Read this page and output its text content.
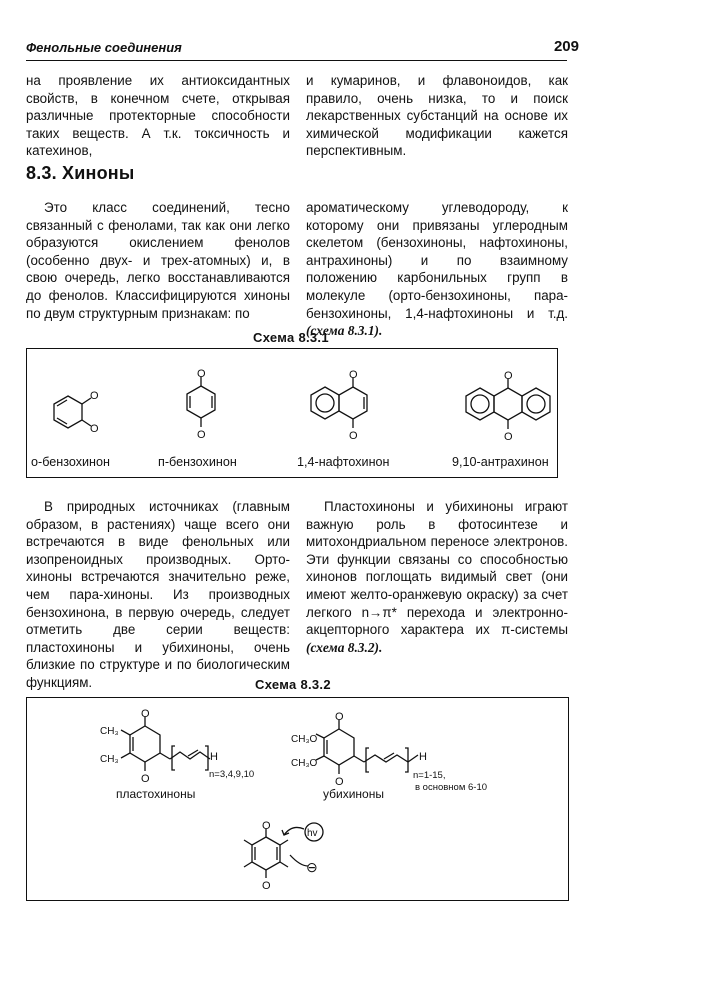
Фенольные соединения	209

на проявление их антиоксидантных свойств, в конечном счете, открывая различные протекторные способности таких веществ. А т.к. токсичность и катехинов,

и кумаринов, и флавоноидов, как правило, очень низка, то и поиск лекарственных субстанций на основе их химической модификации кажется перспективным.

8.3. Хиноны

Это класс соединений, тесно связанный с фенолами, так как они легко образуются окислением фенолов (особенно двух- и трех-атомных) и, в свою очередь, легко восстанавливаются до фенолов. Классифицируются хиноны по двум структурным признакам: по

ароматическому углеводороду, к которому они привязаны углеродным скелетом (бензохиноны, нафтохиноны, антрахиноны) и по взаимному положению карбонильных групп в молекуле (орто-бензохиноны, пара-бензохиноны, 1,4-нафтохиноны и т.д. (схема 8.3.1).

Схема 8.3.1
O
O
O
O
O
O
O
O
о-бензохинон	п-бензохинон	1,4-нафтохинон	9,10-антрахинон

В природных источниках (главным образом, в растениях) чаще всего они встречаются в виде фенольных или изопреноидных производных. Орто-хиноны встречаются значительно реже, чем пара-хиноны. Из производных бензохинона, в первую очередь, следует отметить две серии веществ: пластохиноны и убихиноны, очень близкие по структуре и по биологическим функциям.

Пластохиноны и убихиноны играют важную роль в фотосинтезе и митохондриальном переносе электронов. Эти функции связаны со способностью хинонов поглощать видимый свет (они имеют желто-оранжевую окраску) за счет легкого n→π* перехода и электронно-акцепторного характера их π-системы (схема 8.3.2).

Схема 8.3.2
O
O
CH₃
CH₃	H
n=3,4,9,10
пластохиноны
O
O
CH₃O
CH₃O
H
n=1-15,
в основном 6-10
убихиноны
O
O
hv
⊖
